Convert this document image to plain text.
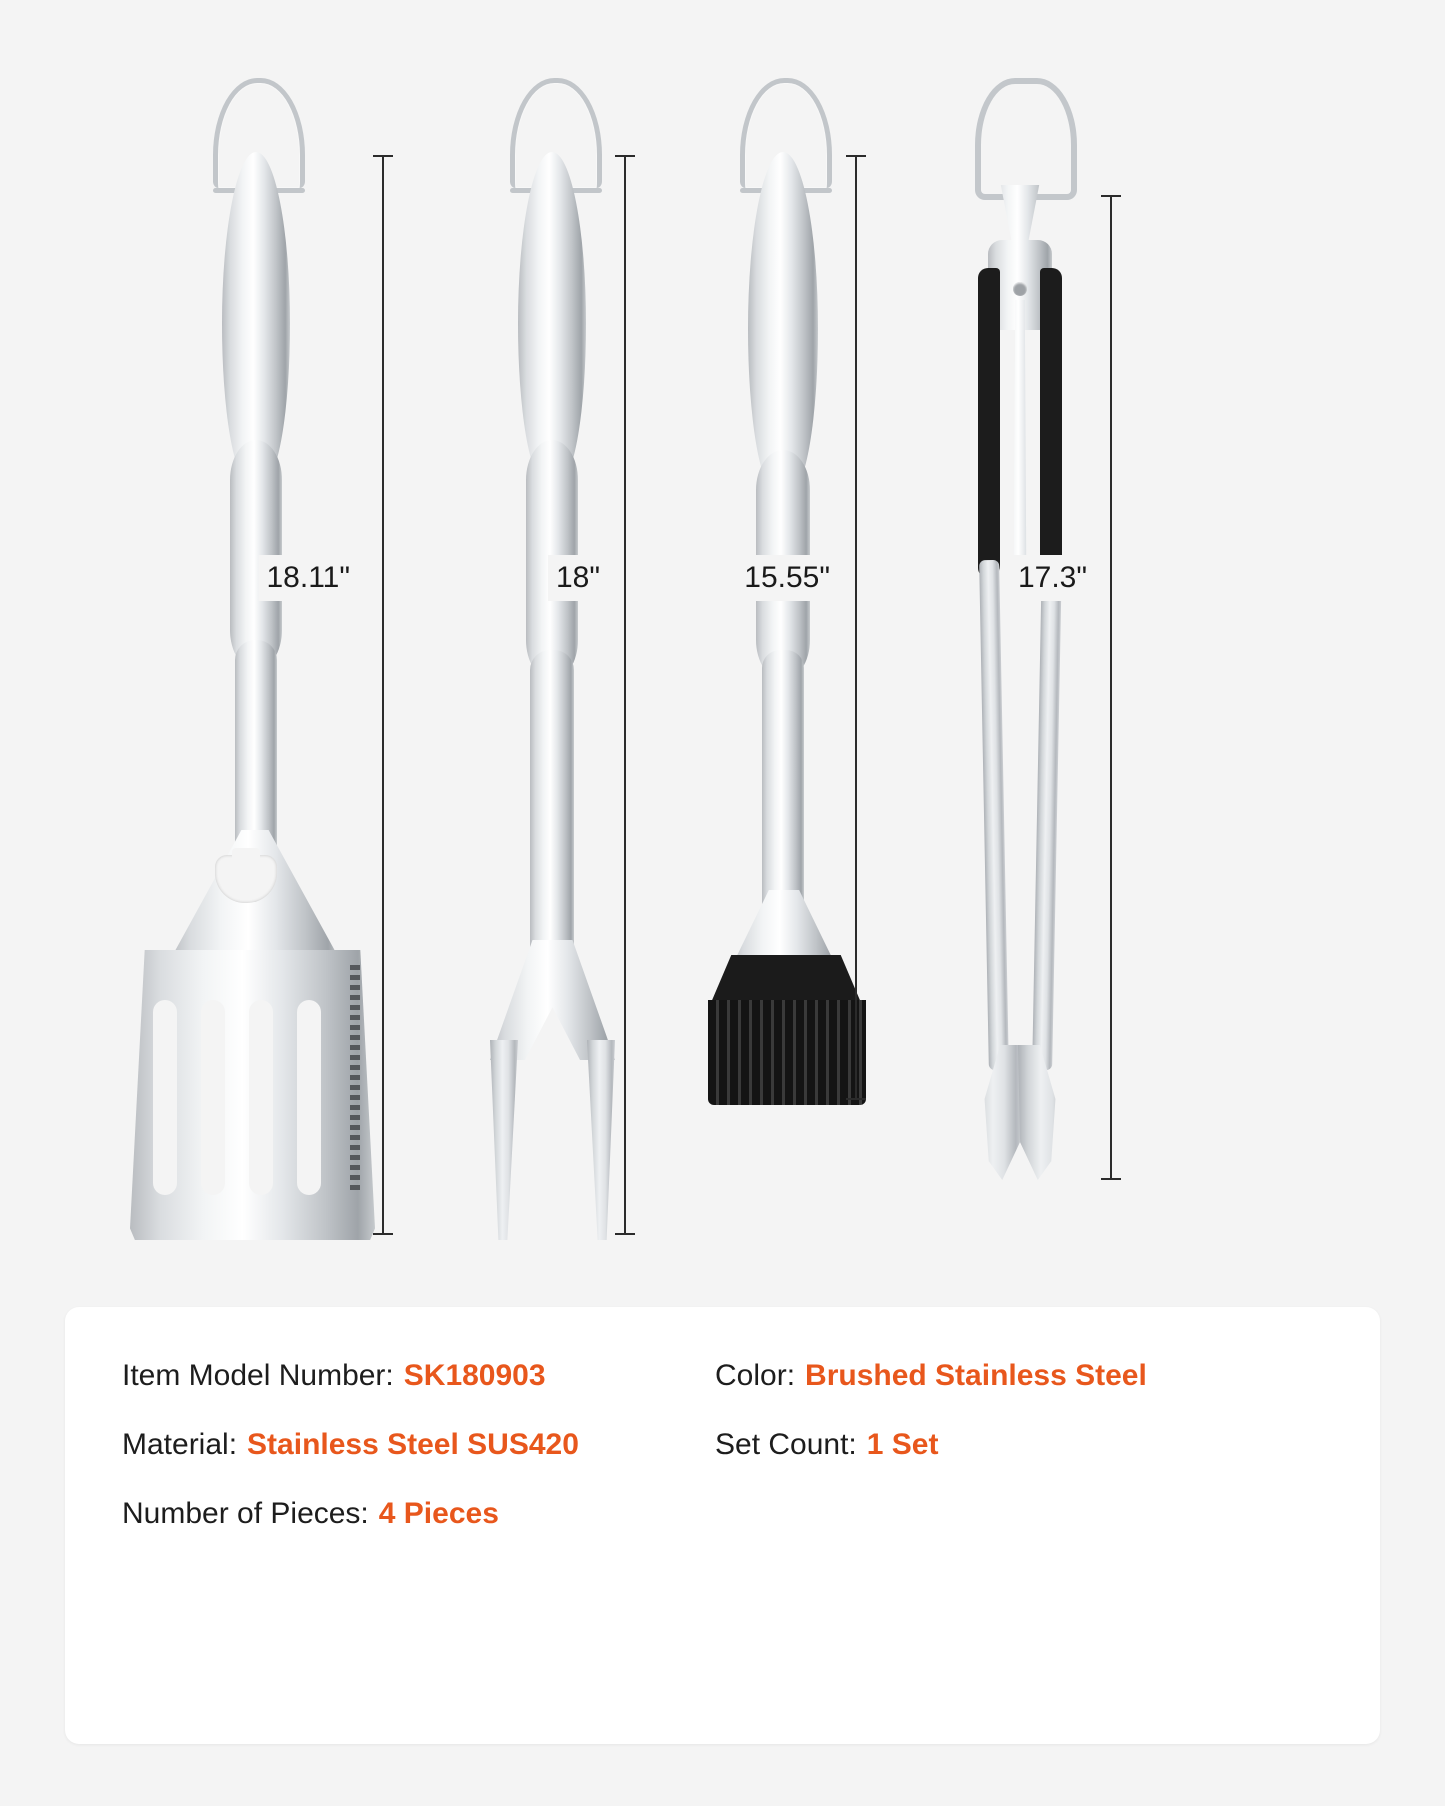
18.11"	18"	15.55"	17.3"
Item Model Number: SK180903
Material: Stainless Steel SUS420
Number of Pieces: 4 Pieces
Color: Brushed Stainless Steel
Set Count: 1 Set
